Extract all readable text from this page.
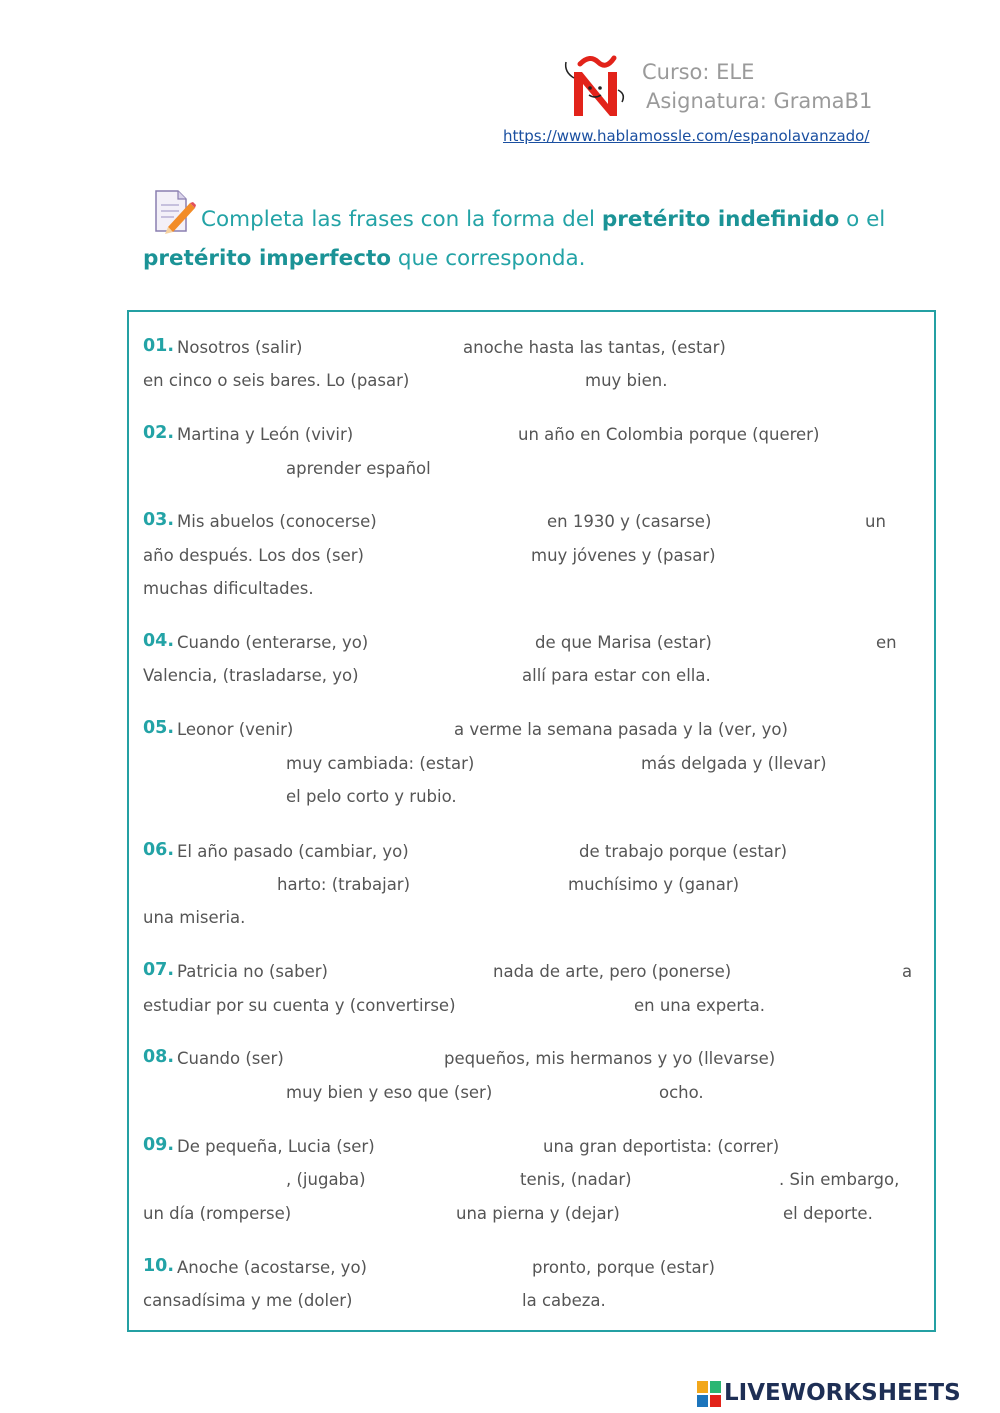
Curso: ELE
Asignatura: GramaB1
https://www.hablamossle.com/espanolavanzado/
Completa las frases con la forma del pretérito indefinido o el pretérito imperfecto que corresponda.
01. Nosotros (salir)	anoche hasta las tantas, (estar)
en cinco o seis bares. Lo (pasar)	muy bien.
02. Martina y León (vivir)	un año en Colombia porque (querer)
aprender español
03. Mis abuelos (conocerse)	en 1930 y (casarse)	un
año después. Los dos (ser)	muy jóvenes y (pasar)
muchas dificultades.
04. Cuando (enterarse, yo)	de que Marisa (estar)	en
Valencia, (trasladarse, yo)	allí para estar con ella.
05. Leonor (venir)	a verme la semana pasada y la (ver, yo)
muy cambiada: (estar)	más delgada y (llevar)
el pelo corto y rubio.
06. El año pasado (cambiar, yo)	de trabajo porque (estar)
harto: (trabajar)	muchísimo y (ganar)
una miseria.
07. Patricia no (saber)	nada de arte, pero (ponerse)	a
estudiar por su cuenta y (convertirse)	en una experta.
08. Cuando (ser)	pequeños, mis hermanos y yo (llevarse)
muy bien y eso que (ser)	ocho.
09. De pequeña, Lucia (ser)	una gran deportista: (correr)
, (jugaba)	tenis, (nadar)	. Sin embargo,
un día (romperse)	una pierna y (dejar)	el deporte.
10. Anoche (acostarse, yo)	pronto, porque (estar)
cansadísima y me (doler)	la cabeza.
LIVEWORKSHEETS
